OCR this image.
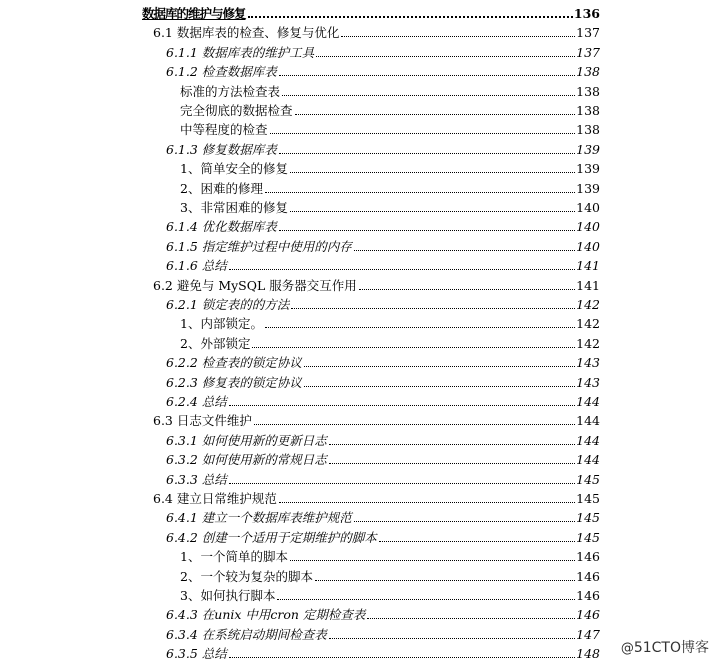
数据库的维护与修复	136
6.1 数据库表的检查、修复与优化	137
6.1.1 数据库表的维护工具	137
6.1.2 检查数据库表	138
标准的方法检查表	138
完全彻底的数据检查	138
中等程度的检查	138
6.1.3 修复数据库表	139
1、简单安全的修复	139
2、困难的修理	139
3、非常困难的修复	140
6.1.4 优化数据库表	140
6.1.5 指定维护过程中使用的内存	140
6.1.6 总结	141
6.2 避免与 MySQL 服务器交互作用	141
6.2.1 锁定表的的方法	142
1、内部锁定。	142
2、外部锁定	142
6.2.2 检查表的锁定协议	143
6.2.3 修复表的锁定协议	143
6.2.4 总结	144
6.3 日志文件维护	144
6.3.1 如何使用新的更新日志	144
6.3.2 如何使用新的常规日志	144
6.3.3 总结	145
6.4 建立日常维护规范	145
6.4.1 建立一个数据库表维护规范	145
6.4.2 创建一个适用于定期维护的脚本	145
1、一个简单的脚本	146
2、一个较为复杂的脚本	146
3、如何执行脚本	146
6.4.3 在unix 中用cron 定期检查表	146
6.3.4 在系统启动期间检查表	147
6.3.5 总结	148 @51CTO博客
